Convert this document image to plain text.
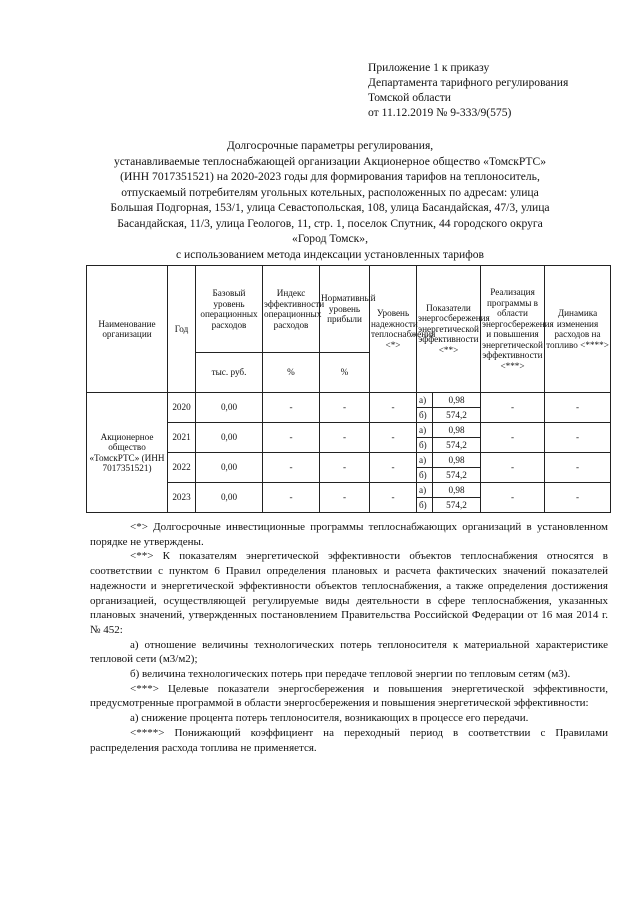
Приложение 1 к приказу
Департамента тарифного регулирования
Томской области
от 11.12.2019 № 9-333/9(575)
Долгосрочные параметры регулирования,
устанавливаемые теплоснабжающей организации Акционерное общество «ТомскРТС»
(ИНН 7017351521) на 2020-2023 годы для формирования тарифов на теплоноситель,
отпускаемый потребителям угольных котельных, расположенных по адресам: улица
Большая Подгорная, 153/1, улица Севастопольская, 108, улица Басандайская, 47/3, улица
Басандайская, 11/3, улица Геологов, 11, стр. 1, поселок Спутник, 44 городского округа
«Город Томск»,
с использованием метода индексации установленных тарифов
Наименование организации	Год	Базовый уровень операционных расходов	Индекс эффективности операционных расходов	Нормативный уровень прибыли	Уровень надежности теплоснабжения <*>	Показатели энергосбережения энергетической эффективности <**>		Реализация программы в области энергосбережения и повышения энергетической эффективности <***>	Динамика изменения расходов на топливо <****>
		тыс. руб.	%	%					
Акционерное общество «ТомскРТС» (ИНН 7017351521)	2020	0,00	-	-	-	а)	0,98	-	-
						б)	574,2		
	2021	0,00	-	-	-	а)	0,98	-	-
						б)	574,2		
	2022	0,00	-	-	-	а)	0,98	-	-
						б)	574,2		
	2023	0,00	-	-	-	а)	0,98	-	-
						б)	574,2		

<*> Долгосрочные инвестиционные программы теплоснабжающих организаций в установленном порядке не утверждены.

<**> К показателям энергетической эффективности объектов теплоснабжения относятся в соответствии с пунктом 6 Правил определения плановых и расчета фактических значений показателей надежности и энергетической эффективности объектов теплоснабжения, а также определения достижения организацией, осуществляющей регулируемые виды деятельности в сфере теплоснабжения, указанных плановых значений, утвержденных постановлением Правительства Российской Федерации от 16 мая 2014 г. № 452:

а) отношение величины технологических потерь теплоносителя к материальной характеристике тепловой сети (м3/м2);

б) величина технологических потерь при передаче тепловой энергии по тепловым сетям (м3).

<***> Целевые показатели энергосбережения и повышения энергетической эффективности, предусмотренные программой в области энергосбережения и повышения энергетической эффективности:

а) снижение процента потерь теплоносителя, возникающих в процессе его передачи.

<****> Понижающий коэффициент на переходный период в соответствии с Правилами распределения расхода топлива не применяется.
